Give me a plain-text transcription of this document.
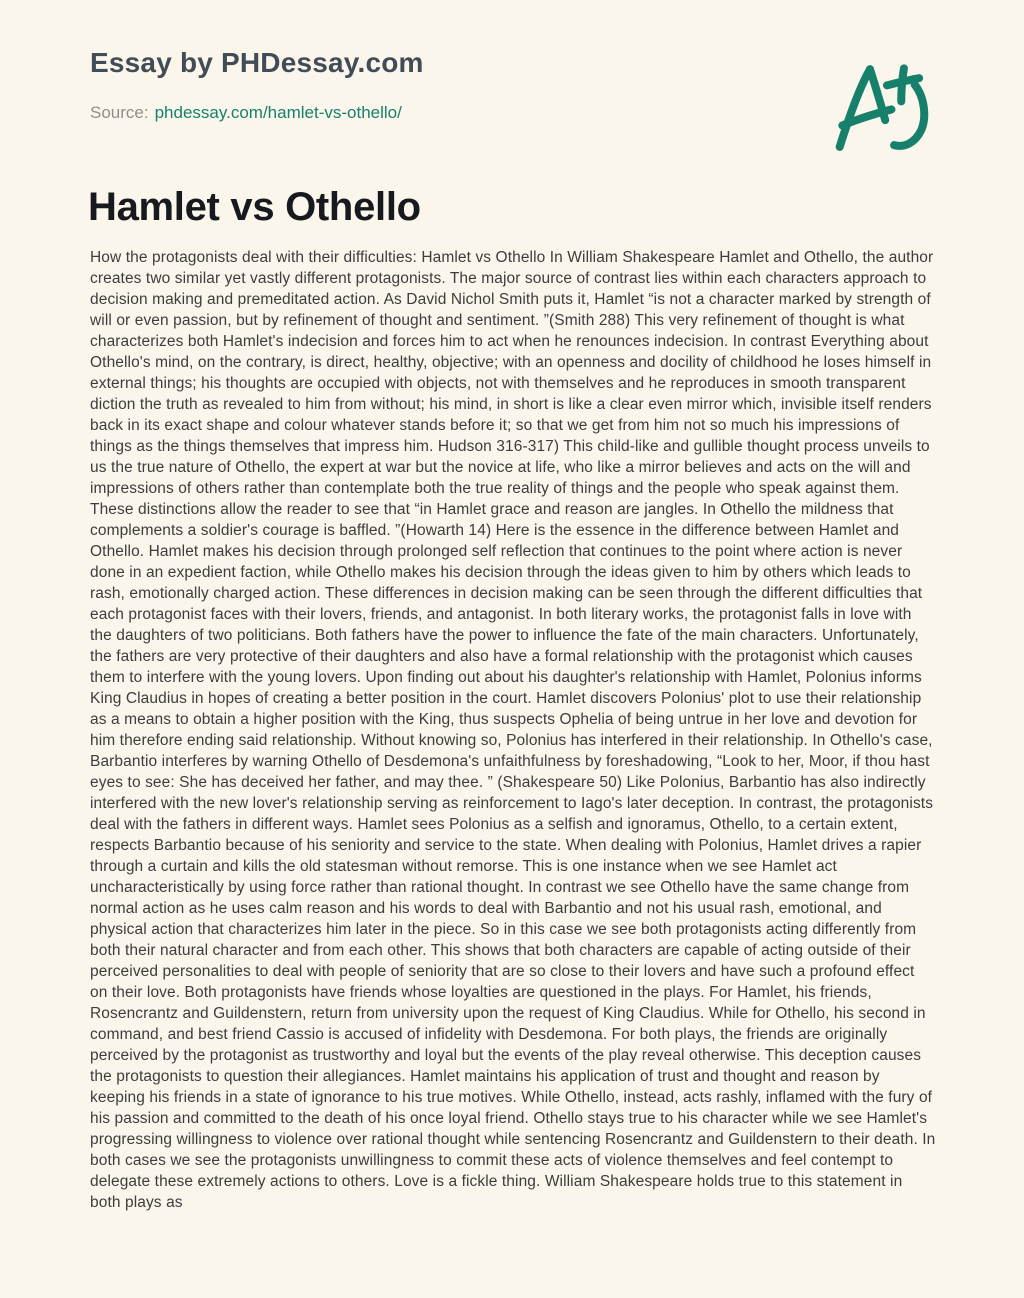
Essay by PHDessay.com
Source: phdessay.com/hamlet-vs-othello/
Hamlet vs Othello

How the protagonists deal with their difficulties: Hamlet vs Othello In William Shakespeare Hamlet and Othello, the author creates two similar yet vastly different protagonists. The major source of contrast lies within each characters approach to decision making and premeditated action. As David Nichol Smith puts it, Hamlet “is not a character marked by strength of will or even passion, but by refinement of thought and sentiment. ”(Smith 288) This very refinement of thought is what characterizes both Hamlet's indecision and forces him to act when he renounces indecision. In contrast Everything about Othello's mind, on the contrary, is direct, healthy, objective; with an openness and docility of childhood he loses himself in external things; his thoughts are occupied with objects, not with themselves and he reproduces in smooth transparent diction the truth as revealed to him from without; his mind, in short is like a clear even mirror which, invisible itself renders back in its exact shape and colour whatever stands before it; so that we get from him not so much his impressions of things as the things themselves that impress him. Hudson 316-317) This child-like and gullible thought process unveils to us the true nature of Othello, the expert at war but the novice at life, who like a mirror believes and acts on the will and impressions of others rather than contemplate both the true reality of things and the people who speak against them. These distinctions allow the reader to see that “in Hamlet grace and reason are jangles. In Othello the mildness that complements a soldier's courage is baffled. ”(Howarth 14) Here is the essence in the difference between Hamlet and Othello. Hamlet makes his decision through prolonged self reflection that continues to the point where action is never done in an expedient faction, while Othello makes his decision through the ideas given to him by others which leads to rash, emotionally charged action. These differences in decision making can be seen through the different difficulties that each protagonist faces with their lovers, friends, and antagonist. In both literary works, the protagonist falls in love with the daughters of two politicians. Both fathers have the power to influence the fate of the main characters. Unfortunately, the fathers are very protective of their daughters and also have a formal relationship with the protagonist which causes them to interfere with the young lovers. Upon finding out about his daughter's relationship with Hamlet, Polonius informs King Claudius in hopes of creating a better position in the court. Hamlet discovers Polonius' plot to use their relationship as a means to obtain a higher position with the King, thus suspects Ophelia of being untrue in her love and devotion for him therefore ending said relationship. Without knowing so, Polonius has interfered in their relationship. In Othello's case, Barbantio interferes by warning Othello of Desdemona's unfaithfulness by foreshadowing, “Look to her, Moor, if thou hast eyes to see: She has deceived her father, and may thee. ” (Shakespeare 50) Like Polonius, Barbantio has also indirectly interfered with the new lover's relationship serving as reinforcement to Iago's later deception. In contrast, the protagonists deal with the fathers in different ways. Hamlet sees Polonius as a selfish and ignoramus, Othello, to a certain extent, respects Barbantio because of his seniority and service to the state. When dealing with Polonius, Hamlet drives a rapier through a curtain and kills the old statesman without remorse. This is one instance when we see Hamlet act uncharacteristically by using force rather than rational thought. In contrast we see Othello have the same change from normal action as he uses calm reason and his words to deal with Barbantio and not his usual rash, emotional, and physical action that characterizes him later in the piece. So in this case we see both protagonists acting differently from both their natural character and from each other. This shows that both characters are capable of acting outside of their perceived personalities to deal with people of seniority that are so close to their lovers and have such a profound effect on their love. Both protagonists have friends whose loyalties are questioned in the plays. For Hamlet, his friends, Rosencrantz and Guildenstern, return from university upon the request of King Claudius. While for Othello, his second in command, and best friend Cassio is accused of infidelity with Desdemona. For both plays, the friends are originally perceived by the protagonist as trustworthy and loyal but the events of the play reveal otherwise. This deception causes the protagonists to question their allegiances. Hamlet maintains his application of trust and thought and reason by keeping his friends in a state of ignorance to his true motives. While Othello, instead, acts rashly, inflamed with the fury of his passion and committed to the death of his once loyal friend. Othello stays true to his character while we see Hamlet's progressing willingness to violence over rational thought while sentencing Rosencrantz and Guildenstern to their death. In both cases we see the protagonists unwillingness to commit these acts of violence themselves and feel contempt to delegate these extremely actions to others. Love is a fickle thing. William Shakespeare holds true to this statement in both plays as
